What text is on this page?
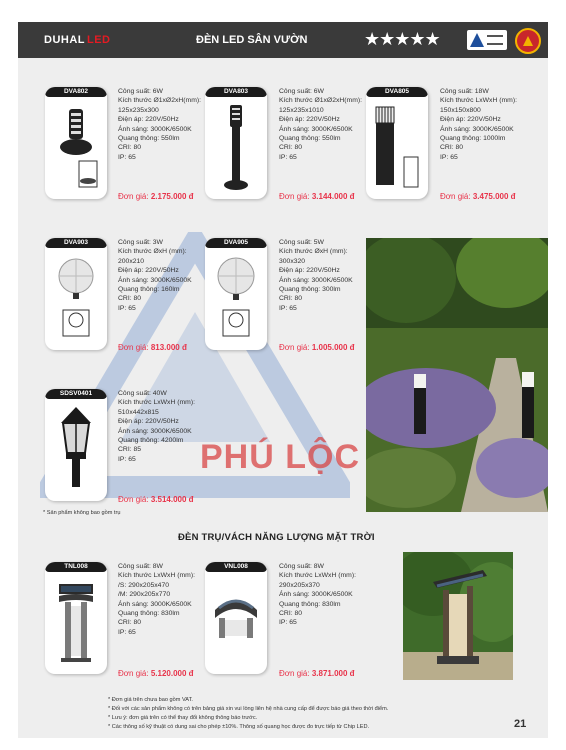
DUHAL LED	ĐÈN LED SÂN VƯỜN	★★★★★
DVA802	Công suất: 6W
Kích thước Ø1xØ2xH(mm):
125x235x300
Điện áp: 220V/50Hz
Ánh sáng: 3000K/6500K
Quang thông: 550lm
CRI: 80
IP: 65
Đơn giá: 2.175.000 đ
DVA803	Công suất: 6W
Kích thước Ø1xØ2xH(mm):
125x235x1010
Điện áp: 220V/50Hz
Ánh sáng: 3000K/6500K
Quang thông: 550lm
CRI: 80
IP: 65
Đơn giá: 3.144.000 đ
DVA805	Công suất: 18W
Kích thước LxWxH (mm):
150x150x800
Điện áp: 220V/50Hz
Ánh sáng: 3000K/6500K
Quang thông: 1000lm
CRI: 80
IP: 65
Đơn giá: 3.475.000 đ
DVA903	Công suất: 3W
Kích thước ØxH (mm):
200x210
Điện áp: 220V/50Hz
Ánh sáng: 3000K/6500K
Quang thông: 160lm
CRI: 80
IP: 65
Đơn giá: 813.000 đ
DVA905	Công suất: 5W
Kích thước ØxH (mm):
300x320
Điện áp: 220V/50Hz
Ánh sáng: 3000K/6500K
Quang thông: 300lm
CRI: 80
IP: 65
Đơn giá: 1.005.000 đ
PHÚ LỘC
SDSV0401	Công suất: 40W
Kích thước LxWxH (mm):
510x442x815
Điện áp: 220V/50Hz
Ánh sáng: 3000K/6500K
Quang thông: 4200lm
CRI: 85
IP: 65
Đơn giá: 3.514.000 đ
* Sản phẩm không bao gồm trụ
ĐÈN TRỤ/VÁCH NĂNG LƯỢNG MẶT TRỜI
TNL008	Công suất: 8W
Kích thước LxWxH (mm):
/S: 290x205x470
/M: 290x205x770
Ánh sáng: 3000K/6500K
Quang thông: 830lm
CRI: 80
IP: 65
Đơn giá: 5.120.000 đ
VNL008	Công suất: 8W
Kích thước LxWxH (mm):
290x205x370
Ánh sáng: 3000K/6500K
Quang thông: 830lm
CRI: 80
IP: 65
Đơn giá: 3.871.000 đ
* Đơn giá trên chưa bao gồm VAT.
* Đối với các sản phẩm không có trên bảng giá xin vui lòng liên hệ nhà cung cấp để được báo giá theo thời điểm.
* Lưu ý: đơn giá trên có thể thay đổi không thông báo trước.
* Các thông số kỹ thuật có dung sai cho phép ±10%. Thông số quang học được đo trực tiếp từ Chip LED.	21
